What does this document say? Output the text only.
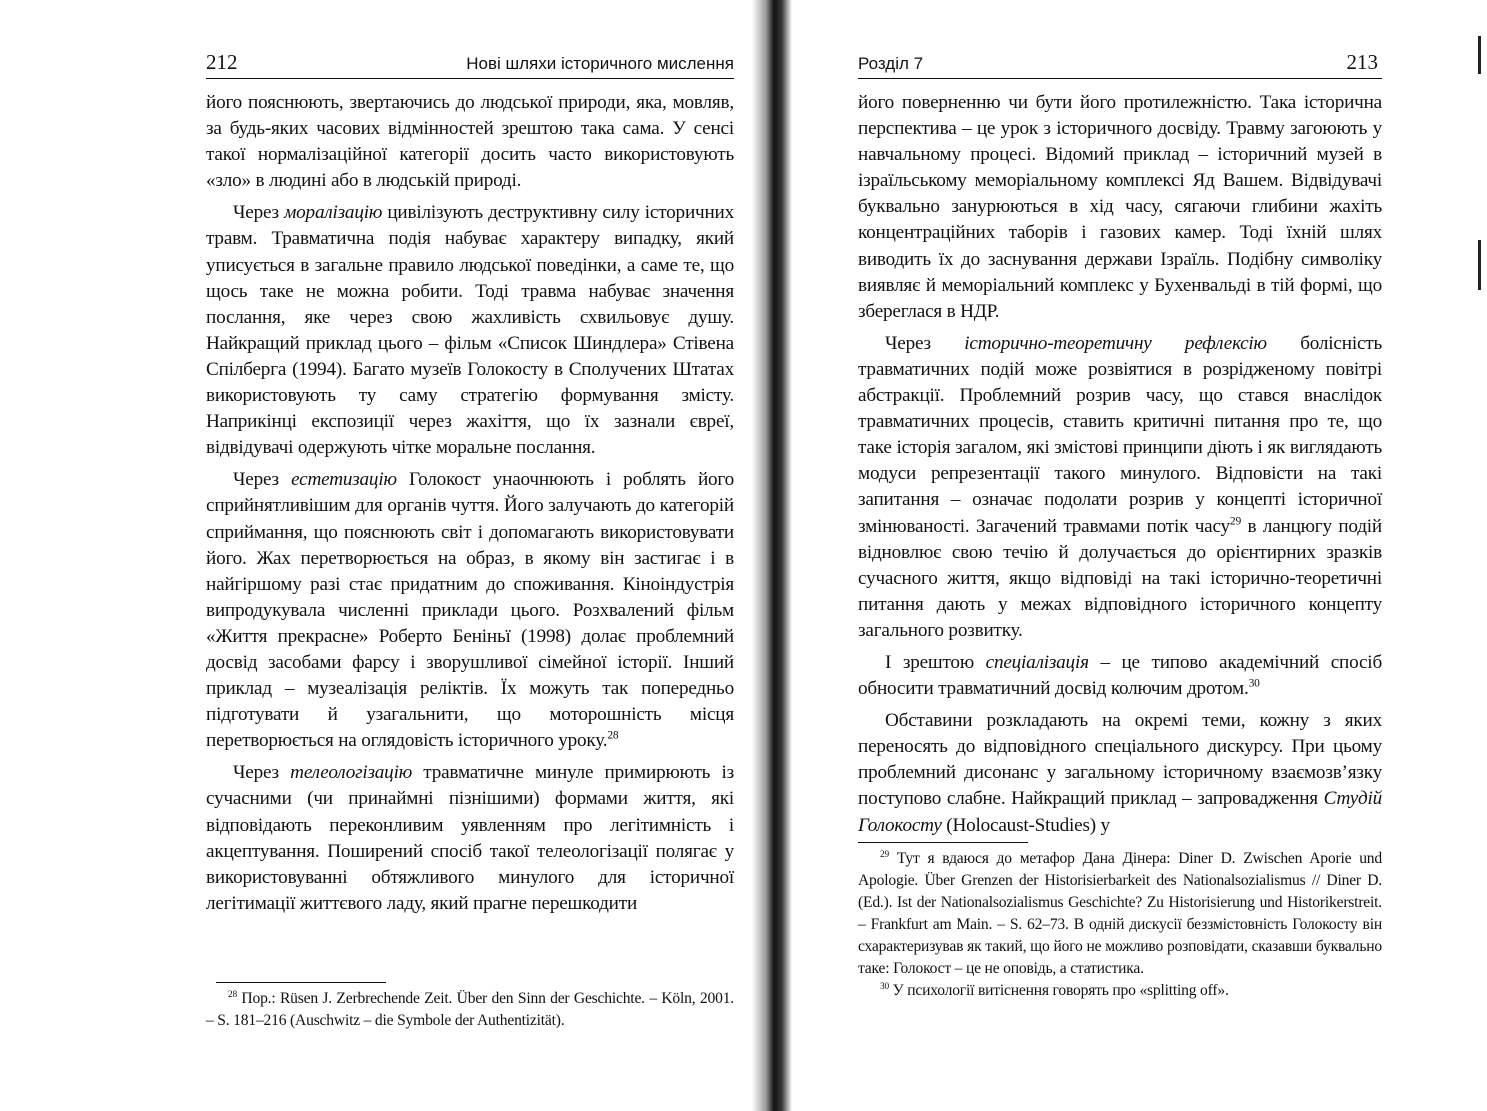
212	Нові шляхи історичного мислення

його пояснюють, звертаючись до людської природи, яка, мовляв, за будь-яких часових відмінностей зрештою така сама. У сенсі такої нормалізаційної категорії досить часто використовують «зло» в людині або в людській природі.

Через моралізацію цивілізують деструктивну силу історичних травм. Травматична подія набуває характеру випадку, який уписується в загальне правило людської поведінки, а саме те, що щось таке не можна робити. Тоді травма набуває значення послання, яке через свою жахливість схвильовує душу. Найкращий приклад цього – фільм «Список Шиндлера» Стівена Спілберга (1994). Багато музеїв Голокосту в Сполучених Штатах використовують ту саму стратегію формування змісту. Наприкінці експозиції через жахіття, що їх зазнали євреї, відвідувачі одержують чітке моральне послання.

Через естетизацію Голокост унаочнюють і роблять його сприйнятливішим для органів чуття. Його залучають до категорій сприймання, що пояснюють світ і допомагають використовувати його. Жах перетворюється на образ, в якому він застигає і в найгіршому разі стає придатним до споживання. Кіноіндустрія випродукувала численні приклади цього. Розхвалений фільм «Життя прекрасне» Роберто Беніньї (1998) долає проблемний досвід засобами фарсу і зворушливої сімейної історії. Інший приклад – музеалізація реліктів. Їх можуть так попередньо підготувати й узагальнити, що моторошність місця перетворюється на оглядовість історичного уроку.$^{28}$

Через телеологізацію травматичне минуле примирюють із сучасними (чи принаймні пізнішими) формами життя, які відповідають переконливим уявленням про легітимність і акцептування. Поширений спосіб такої телеологізації полягає у використовуванні обтяжливого минулого для історичної легітимації життєвого ладу, який прагне перешкодити

$^{28}$ Пор.: Rüsen J. Zerbrechende Zeit. Über den Sinn der Geschichte. – Köln, 2001. – S. 181–216 (Auschwitz – die Symbole der Authentizität).

Розділ 7	213

його поверненню чи бути його протилежністю. Така історична перспектива – це урок з історичного досвіду. Травму загоюють у навчальному процесі. Відомий приклад – історичний музей в ізраїльському меморіальному комплексі Яд Вашем. Відвідувачі буквально занурюються в хід часу, сягаючи глибини жахіть концентраційних таборів і газових камер. Тоді їхній шлях виводить їх до заснування держави Ізраїль. Подібну символіку виявляє й меморіальний комплекс у Бухенвальді в тій формі, що збереглася в НДР.

Через історично-теоретичну рефлексію болісність травматичних подій може розвіятися в розрідженому повітрі абстракції. Проблемний розрив часу, що стався внаслідок травматичних процесів, ставить критичні питання про те, що таке історія загалом, які змістові принципи діють і як виглядають модуси репрезентації такого минулого. Відповісти на такі запитання – означає подолати розрив у концепті історичної змінюваності. Загачений травмами потік часу$^{29}$ в ланцюгу подій відновлює свою течію й долучається до орієнтирних зразків сучасного життя, якщо відповіді на такі історично-теоретичні питання дають у межах відповідного історичного концепту загального розвитку.

І зрештою спеціалізація – це типово академічний спосіб обносити травматичний досвід колючим дротом.$^{30}$

Обставини розкладають на окремі теми, кожну з яких переносять до відповідного спеціального дискурсу. При цьому проблемний дисонанс у загальному історичному взаємозв’язку поступово слабне. Найкращий приклад – запровадження Студій Голокосту (Holocaust-Studies) у

$^{29}$ Тут я вдаюся до метафор Дана Дінера: Diner D. Zwischen Aporie und Apologie. Über Grenzen der Historisierbarkeit des Nationalsozialismus // Diner D. (Ed.). Ist der Nationalsozialismus Geschichte? Zu Historisierung und Historikerstreit. – Frankfurt am Main. – S. 62–73. В одній дискусії беззмістовність Голокосту він схарактеризував як такий, що його не можливо розповідати, сказавши буквально таке: Голокост – це не оповідь, а статистика.

$^{30}$ У психології витіснення говорять про «splitting off».
